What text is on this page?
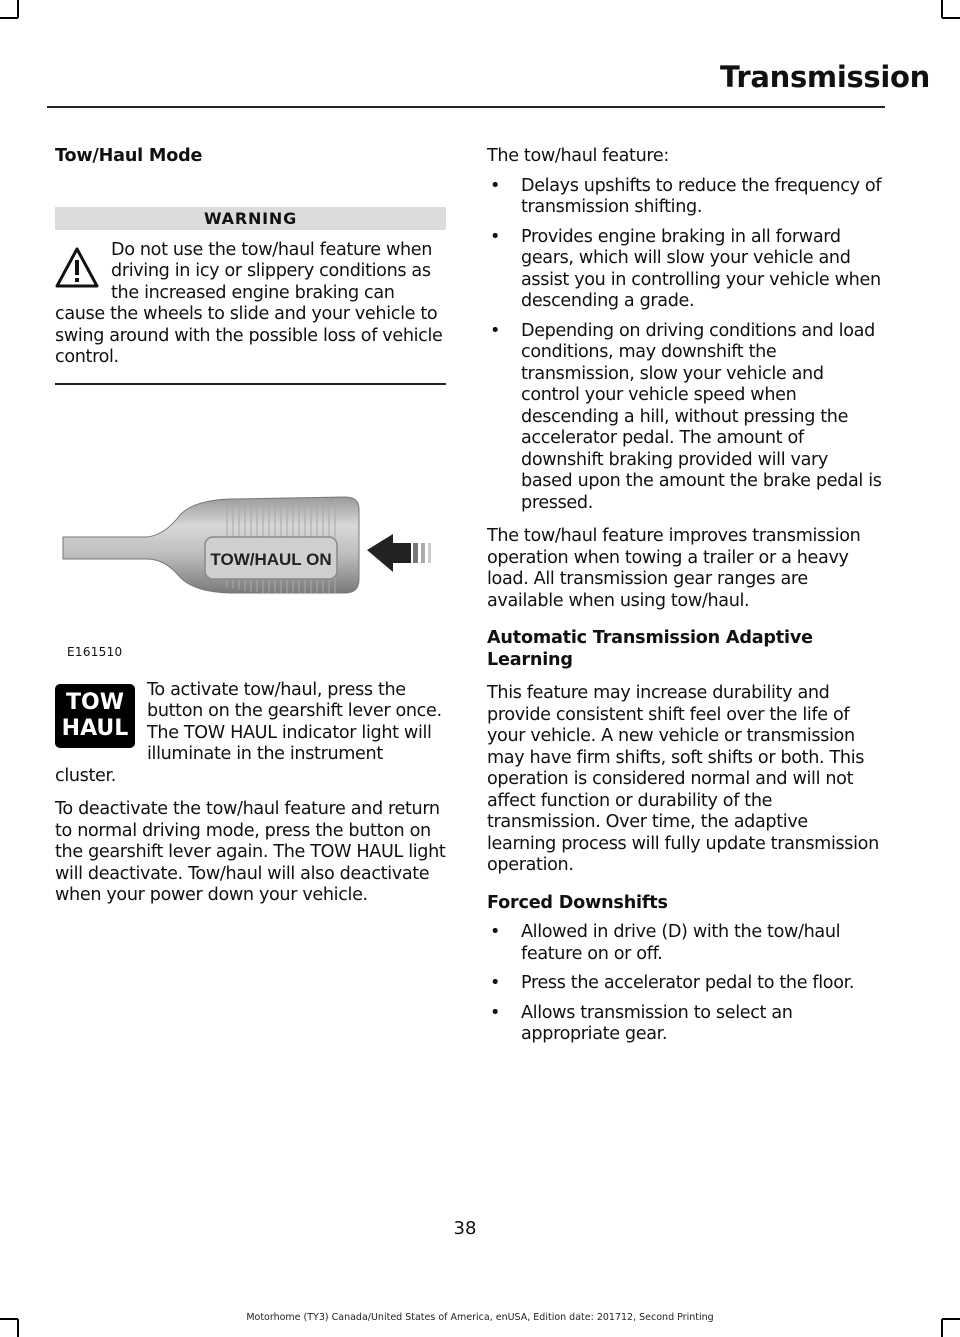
Transmission
Tow/Haul Mode
WARNING

Do not use the tow/haul feature when driving in icy or slippery conditions as the increased engine braking can cause the wheels to slide and your vehicle to swing around with the possible loss of vehicle control.

TOW/HAUL ON
E161510
TOW
HAUL

To activate tow/haul, press the button on the gearshift lever once. The TOW HAUL indicator light will illuminate in the instrument cluster.

To deactivate the tow/haul feature and return to normal driving mode, press the button on the gearshift lever again. The TOW HAUL light will deactivate. Tow/haul will also deactivate when your power down your vehicle.

The tow/haul feature:

• Delays upshifts to reduce the frequency of transmission shifting.
• Provides engine braking in all forward gears, which will slow your vehicle and assist you in controlling your vehicle when descending a grade.
• Depending on driving conditions and load conditions, may downshift the transmission, slow your vehicle and control your vehicle speed when descending a hill, without pressing the accelerator pedal. The amount of downshift braking provided will vary based upon the amount the brake pedal is pressed.

The tow/haul feature improves transmission operation when towing a trailer or a heavy load. All transmission gear ranges are available when using tow/haul.

Automatic Transmission Adaptive Learning

This feature may increase durability and provide consistent shift feel over the life of your vehicle. A new vehicle or transmission may have firm shifts, soft shifts or both. This operation is considered normal and will not affect function or durability of the transmission. Over time, the adaptive learning process will fully update transmission operation.

Forced Downshifts
• Allowed in drive (D) with the tow/haul feature on or off.
• Press the accelerator pedal to the floor.
• Allows transmission to select an appropriate gear.
38
Motorhome (TY3) Canada/United States of America, enUSA, Edition date: 201712, Second Printing
